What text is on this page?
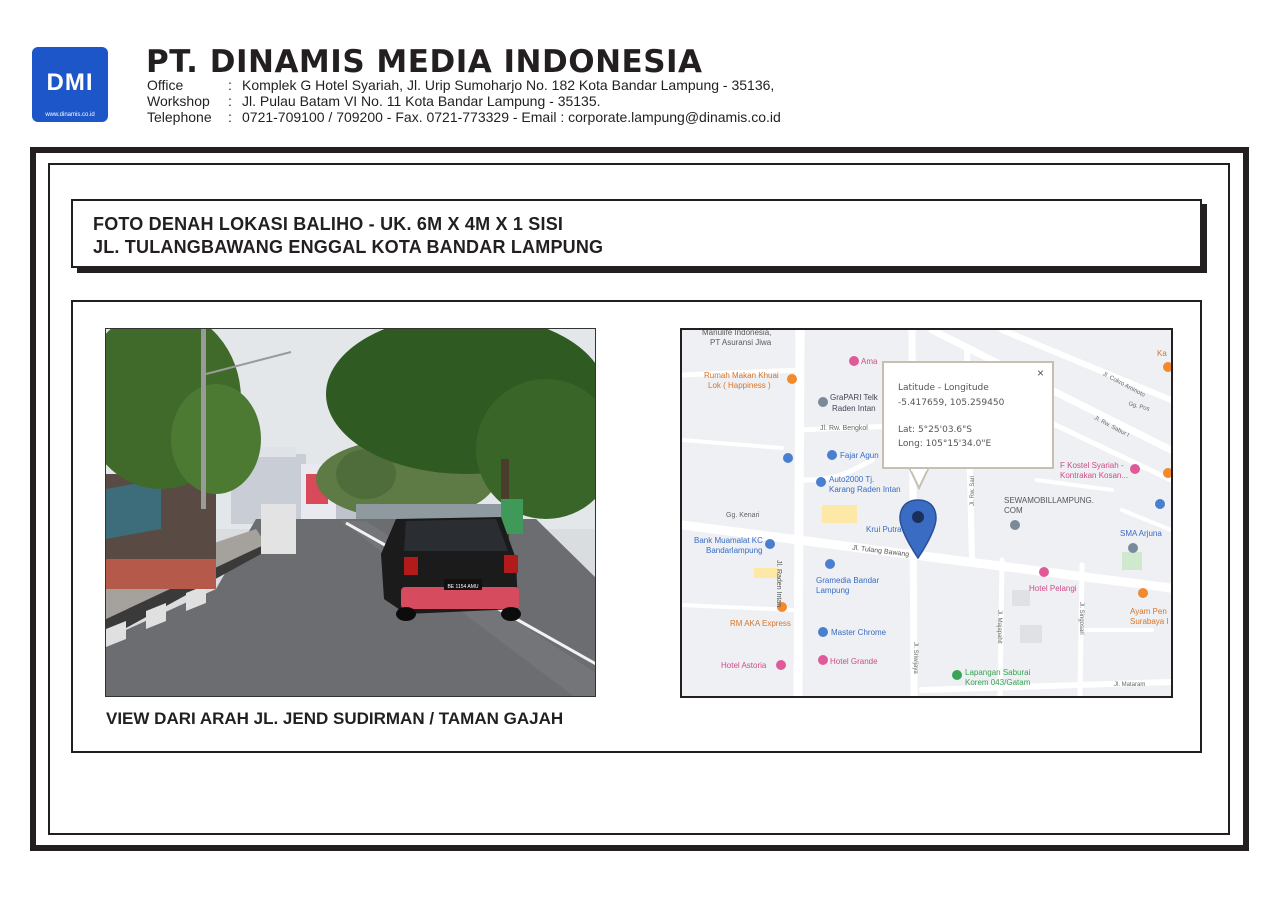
DMI
www.dinamis.co.id
PT. DINAMIS MEDIA INDONESIA
Office	: Komplek G Hotel Syariah, Jl. Urip Sumoharjo No. 182 Kota Bandar Lampung - 35136,
Workshop : Jl. Pulau Batam VI No. 11 Kota Bandar Lampung - 35135.
Telephone : 0721-709100 / 709200 - Fax. 0721-773329 - Email : corporate.lampung@dinamis.co.id
FOTO DENAH LOKASI BALIHO - UK. 6M X 4M X 1 SISI
JL. TULANGBAWANG ENGGAL KOTA BANDAR LAMPUNG
BE 1154 AMU
VIEW DARI ARAH JL. JEND SUDIRMAN / TAMAN GAJAH
Manulife Indonesia,
PT Asuransi Jiwa
Ama
Rumah Makan Khuai
Lok ( Happiness )
GraPARI Telk
Raden Intan
Jl. Rw. Bengkol
Fajar Agun
Auto2000 Tj.
Karang Raden Intan
Krui Putra
Gg. Kenari
Bank Muamalat KC
Bandarlampung	Jl. Tulang Bawang
Jl. Raden Intan	Gramedia Bandar
Lampung
RM AKA Express
Master Chrome
Hotel Astoria	Hotel Grande
Lapangan Saburai
Korem 043/Gatam
SEWAMOBILLAMPUNG.
COM
F Kostel Syariah -
Kontrakan Kosan...
SMA Arjuna
Hotel Pelangi
Ayam Pen
Surabaya I
Jl. Cokro Aminoto
Jl. Rw. Sabur I
Gg. Pos
Ka
Jl. Majapahit	Jl. Singosari
Jl. Sriwijaya
Jl. Mataram
Jl. Rw. Sari
×
Latitude - Longitude
-5.417659, 105.259450
Lat: 5°25'03.6"S
Long: 105°15'34.0"E
